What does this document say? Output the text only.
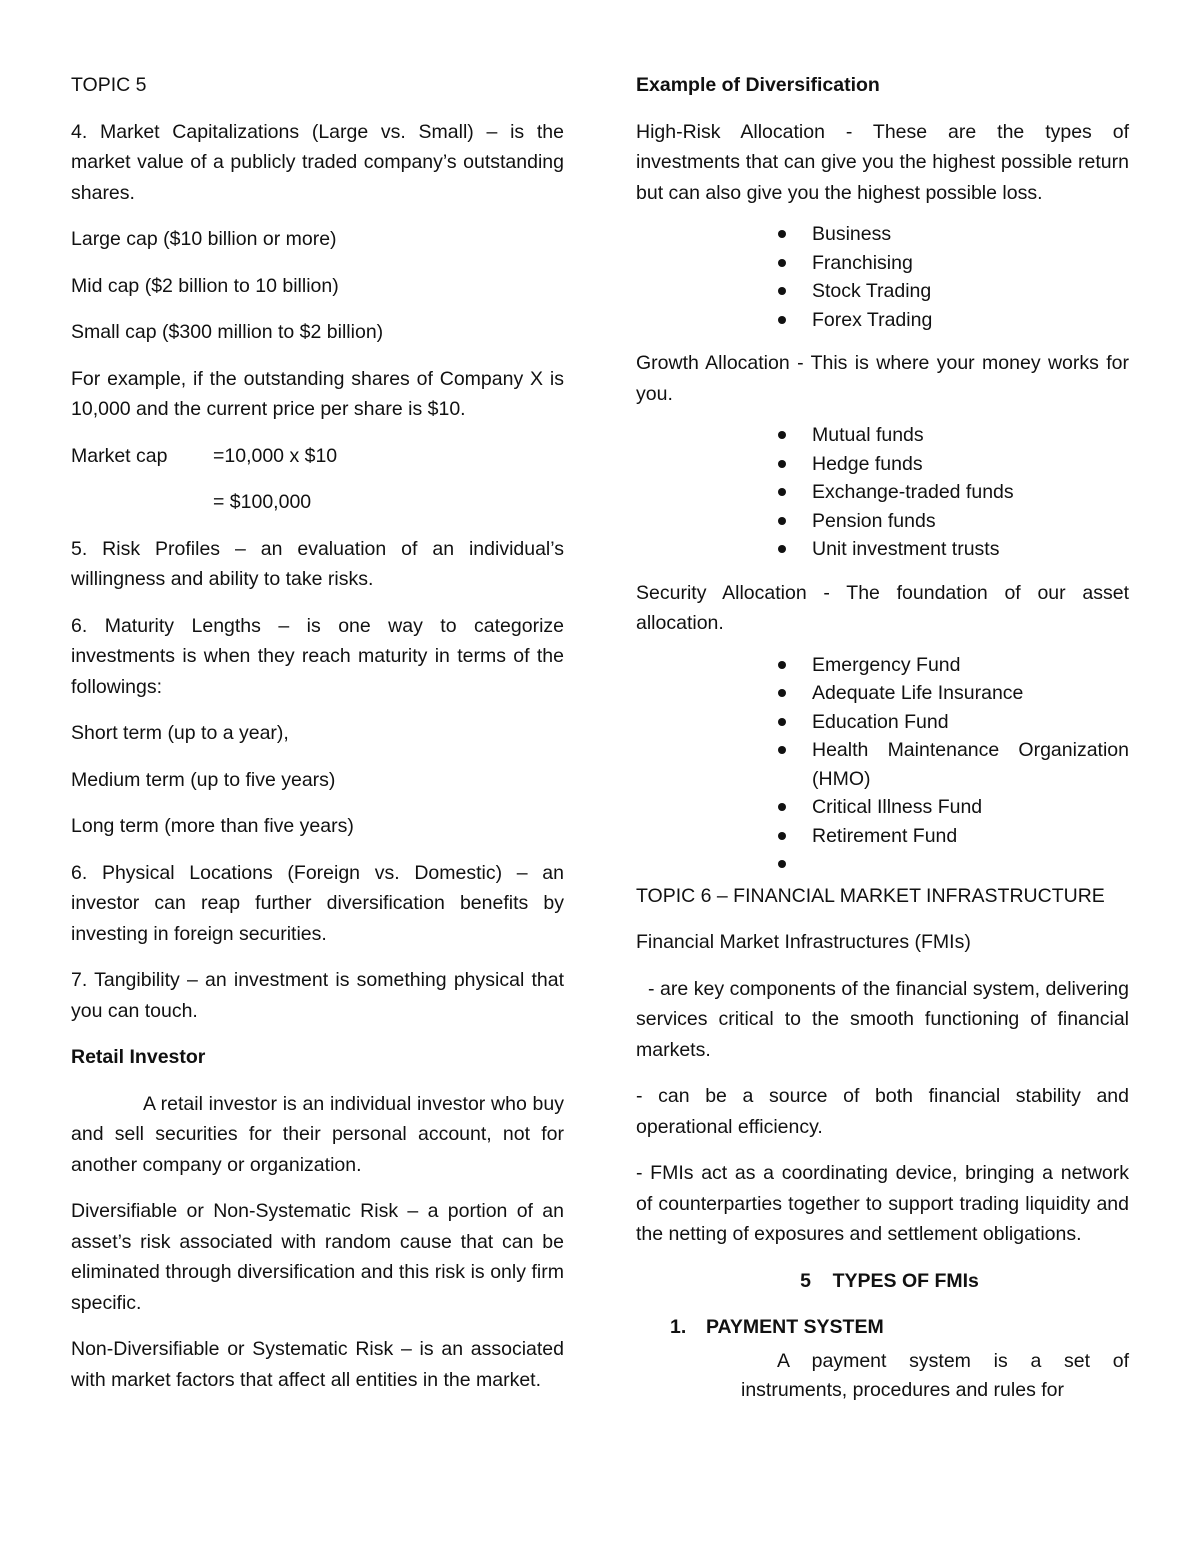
TOPIC 5

4. Market Capitalizations (Large vs. Small) – is the market value of a publicly traded company’s outstanding shares.

Large cap ($10 billion or more)

Mid cap ($2 billion to 10 billion)

Small cap ($300 million to $2 billion)

For example, if the outstanding shares of Company X is 10,000 and the current price per share is $10.

Market cap	=10,000 x $10
= $100,000

5. Risk Profiles – an evaluation of an individual’s willingness and ability to take risks.

6. Maturity Lengths – is one way to categorize investments is when they reach maturity in terms of the followings:

Short term (up to a year),

Medium term (up to five years)

Long term (more than five years)

6. Physical Locations (Foreign vs. Domestic) – an investor can reap further diversification benefits by investing in foreign securities.

7. Tangibility – an investment is something physical that you can touch.

Retail Investor

A retail investor is an individual investor who buy and sell securities for their personal account, not for another company or organization.

Diversifiable or Non-Systematic Risk – a portion of an asset’s risk associated with random cause that can be eliminated through diversification and this risk is only firm specific.

Non-Diversifiable or Systematic Risk – is an associated with market factors that affect all entities in the market.

Example of Diversification

High-Risk Allocation - These are the types of investments that can give you the highest possible return but can also give you the highest possible loss.

Business
Franchising
Stock Trading
Forex Trading

Growth Allocation - This is where your money works for you.

Mutual funds
Hedge funds
Exchange-traded funds
Pension funds
Unit investment trusts

Security Allocation - The foundation of our asset allocation.

Emergency Fund
Adequate Life Insurance
Education Fund
Health Maintenance Organization (HMO)
Critical Illness Fund
Retirement Fund

TOPIC 6 – FINANCIAL MARKET INFRASTRUCTURE

Financial Market Infrastructures (FMIs)

- are key components of the financial system, delivering services critical to the smooth functioning of financial markets.

- can be a source of both financial stability and operational efficiency.

- FMIs act as a coordinating device, bringing a network of counterparties together to support trading liquidity and the netting of exposures and settlement obligations.

5    TYPES OF FMIs

1. PAYMENT SYSTEM

A payment system is a set of instruments, procedures and rules for
